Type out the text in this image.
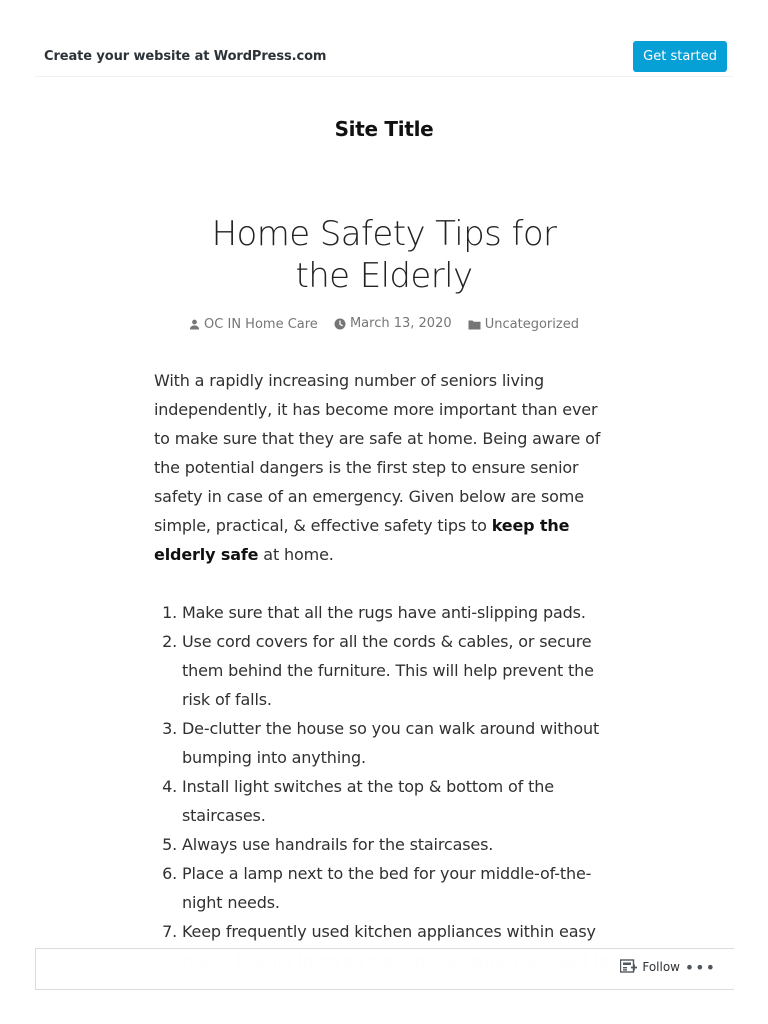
Create your website at WordPress.com	Get started
Site Title
Home Safety Tips for
the Elderly
OC IN Home Care
March 13, 2020
	Uncategorized

With a rapidly increasing number of seniors living independently, it has become more important than ever to make sure that they are safe at home. Being aware of the potential dangers is the first step to ensure senior safety in case of an emergency. Given below are some simple, practical, & effective safety tips to keep the elderly safe at home.

1. Make sure that all the rugs have anti-slipping pads.
2. Use cord covers for all the cords & cables, or secure them behind the furniture. This will help prevent the risk of falls.
3. De-clutter the house so you can walk around without bumping into anything.
4. Install light switches at the top & bottom of the staircases.
5. Always use handrails for the staircases.
6. Place a lamp next to the bed for your middle-of-the-night needs.
7. Keep frequently used kitchen appliances within easy

Follow •••
